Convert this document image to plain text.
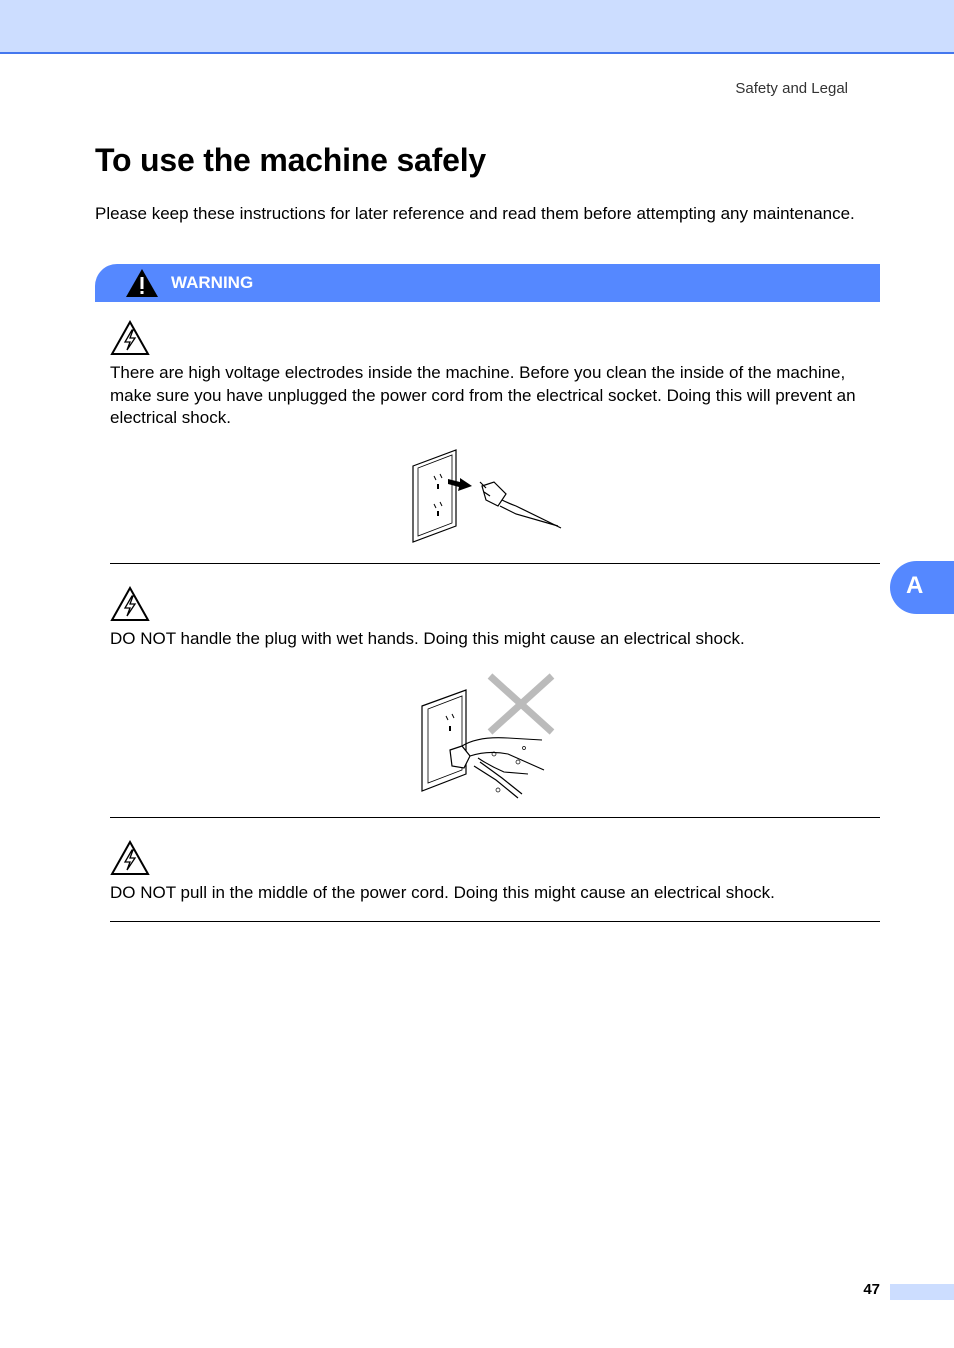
Safety and Legal
To use the machine safely

Please keep these instructions for later reference and read them before attempting any maintenance.

WARNING

There are high voltage electrodes inside the machine. Before you clean the inside of the machine, make sure you have unplugged the power cord from the electrical socket. Doing this will prevent an electrical shock.

DO NOT handle the plug with wet hands. Doing this might cause an electrical shock.

DO NOT pull in the middle of the power cord. Doing this might cause an electrical shock.

A
47
